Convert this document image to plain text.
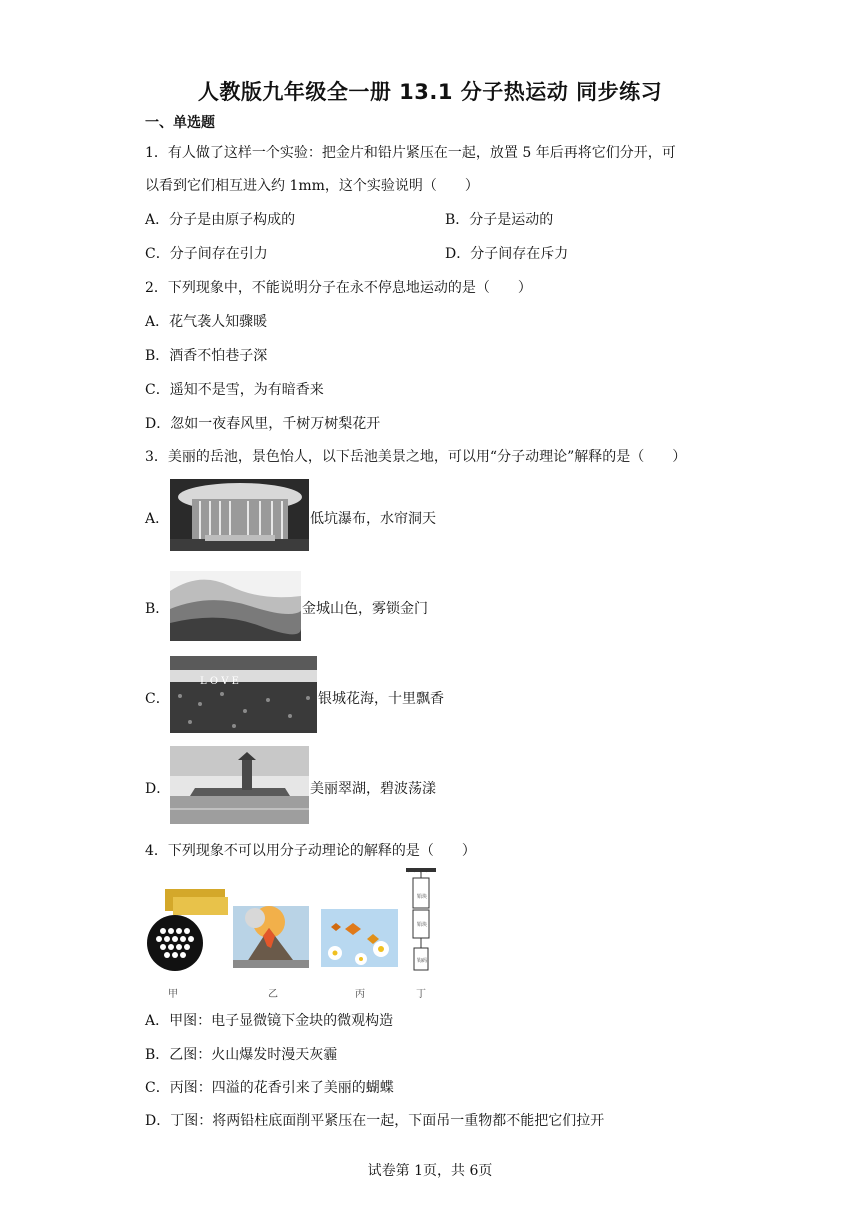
人教版九年级全一册 13.1 分子热运动 同步练习
一、单选题
1．有人做了这样一个实验：把金片和铅片紧压在一起，放置 5 年后再将它们分开，可
以看到它们相互进入约 1mm，这个实验说明（　　）
A．分子是由原子构成的	B．分子是运动的
C．分子间存在引力	D．分子间存在斥力
2．下列现象中，不能说明分子在永不停息地运动的是（　　）
A．花气袭人知骤暖
B．酒香不怕巷子深
C．遥知不是雪，为有暗香来
D．忽如一夜春风里，千树万树梨花开
3．美丽的岳池，景色怡人，以下岳池美景之地，可以用“分子动理论”解释的是（　　）
A．	低坑瀑布，水帘洞天
B．	金城山色，雾锁金门
C．
L O V E
银城花海，十里飘香
D．	美丽翠湖，碧波荡漾
4．下列现象不可以用分子动理论的解释的是（　　）
甲	乙	丙
铅块
铅块
钩码
丁
A．甲图：电子显微镜下金块的微观构造
B．乙图：火山爆发时漫天灰霾
C．丙图：四溢的花香引来了美丽的蝴蝶
D．丁图：将两铅柱底面削平紧压在一起，下面吊一重物都不能把它们拉开
试卷第 1页，共 6页
